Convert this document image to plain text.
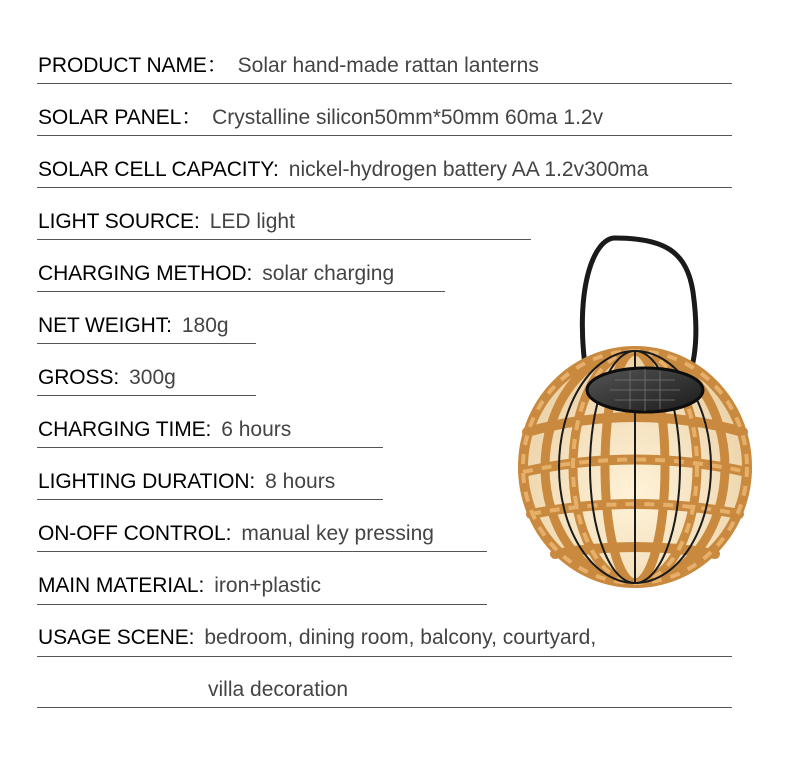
PRODUCT NAME： Solar hand-made rattan lanterns
SOLAR PANEL： Crystalline silicon50mm*50mm 60ma 1.2v
SOLAR CELL CAPACITY: nickel-hydrogen battery AA 1.2v300ma
LIGHT SOURCE: LED light
CHARGING METHOD: solar charging
NET WEIGHT: 180g
GROSS: 300g
CHARGING TIME: 6 hours
LIGHTING DURATION: 8 hours
ON-OFF CONTROL: manual key pressing
MAIN MATERIAL: iron+plastic
USAGE SCENE: bedroom, dining room, balcony, courtyard,
villa decoration
